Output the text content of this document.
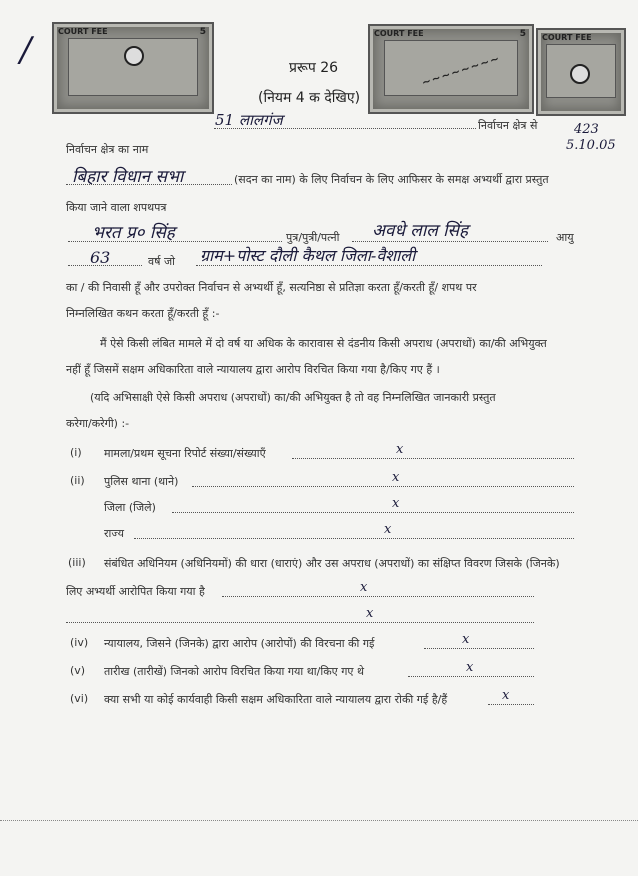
/	COURT FEE	5	COURT FEE	5
~~~~~~~~
COURT FEE
प्ररूप 26
(नियम 4 क देखिए)
51 लालगंज	निर्वाचन क्षेत्र से	423
5.10.05
निर्वाचन क्षेत्र का नाम
बिहार विधान सभा	(सदन का नाम) के लिए निर्वाचन के लिए आफिसर के समक्ष अभ्यर्थी द्वारा प्रस्तुत
किया जाने वाला शपथपत्र
भरत प्र० सिंह	पुत्र/पुत्री/पत्नी अवधे लाल सिंह	आयु
63	वर्ष जो ग्राम+पोस्ट दौली कैथल जिला-वैशाली
का / की निवासी हूँ और उपरोक्त निर्वाचन से अभ्यर्थी हूँ, सत्यनिष्ठा से प्रतिज्ञा करता हूँ/करती हूँ/ शपथ पर
निम्नलिखित कथन करता हूँ/करती हूँ :-
मैं ऐसे किसी लंबित मामले में दो वर्ष या अधिक के कारावास से दंडनीय किसी अपराध (अपराधों) का/की अभियुक्त
नहीं हूँ जिसमें सक्षम अधिकारिता वाले न्यायालय द्वारा आरोप विरचित किया गया है/किए गए हैं ।
(यदि अभिसाक्षी ऐसे किसी अपराध (अपराधों) का/की अभियुक्त है तो वह निम्नलिखित जानकारी प्रस्तुत
करेगा/करेगी) :-
(i) मामला/प्रथम सूचना रिपोर्ट संख्या/संख्याएँ	x
(ii) पुलिस थाना (थाने)	x
जिला (जिले)	x
राज्य	x
(iii) संबंधित अधिनियम (अधिनियमों) की धारा (धाराएं) और उस अपराध (अपराधों) का संक्षिप्त विवरण जिसके (जिनके)
लिए अभ्यर्थी आरोपित किया गया है	x
x
(iv) न्यायालय, जिसने (जिनके) द्वारा आरोप (आरोपों) की विरचना की गई	x
(v) तारीख (तारीखें) जिनको आरोप विरचित किया गया था/किए गए थे	x
(vi) क्या सभी या कोई कार्यवाही किसी सक्षम अधिकारिता वाले न्यायालय द्वारा रोकी गई है/हैं	x
